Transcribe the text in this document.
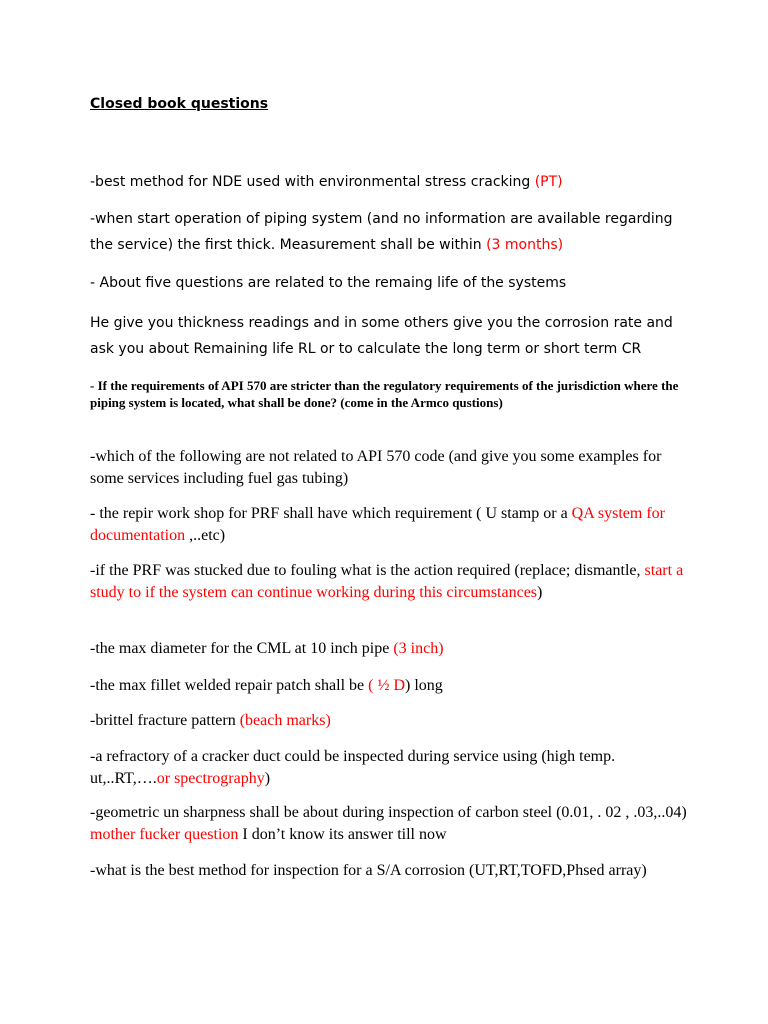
Closed book questions

-best method for NDE used with environmental stress cracking (PT)

-when start operation of piping system (and no information are available regarding the service) the first thick. Measurement shall be within (3 months)

- About five questions are related to the remaing life of the systems

He give you thickness readings and in some others give you the corrosion rate and ask you about Remaining life RL or to calculate the long term or short term CR

- If the requirements of API 570 are stricter than the regulatory requirements of the jurisdiction where the piping system is located, what shall be done? (come in the Armco qustions)

-which of the following are not related to API 570 code (and give you some examples for some services including fuel gas tubing)

- the repir work shop for PRF shall have which requirement ( U stamp or a QA system for documentation ,..etc)

-if the PRF was stucked due to fouling what is the action required (replace; dismantle, start a study to if the system can continue working during this circumstances)

-the max diameter for the CML at 10 inch pipe (3 inch)

-the max fillet welded repair patch shall be ( ½ D) long

-brittel fracture pattern (beach marks)

-a refractory of a cracker duct could be inspected during service using (high temp. ut,..RT,….or spectrography)

-geometric un sharpness shall be about during inspection of carbon steel (0.01, . 02 , .03,..04) mother fucker question I don’t know its answer till now

-what is the best method for inspection for a S/A corrosion (UT,RT,TOFD,Phsed array)
